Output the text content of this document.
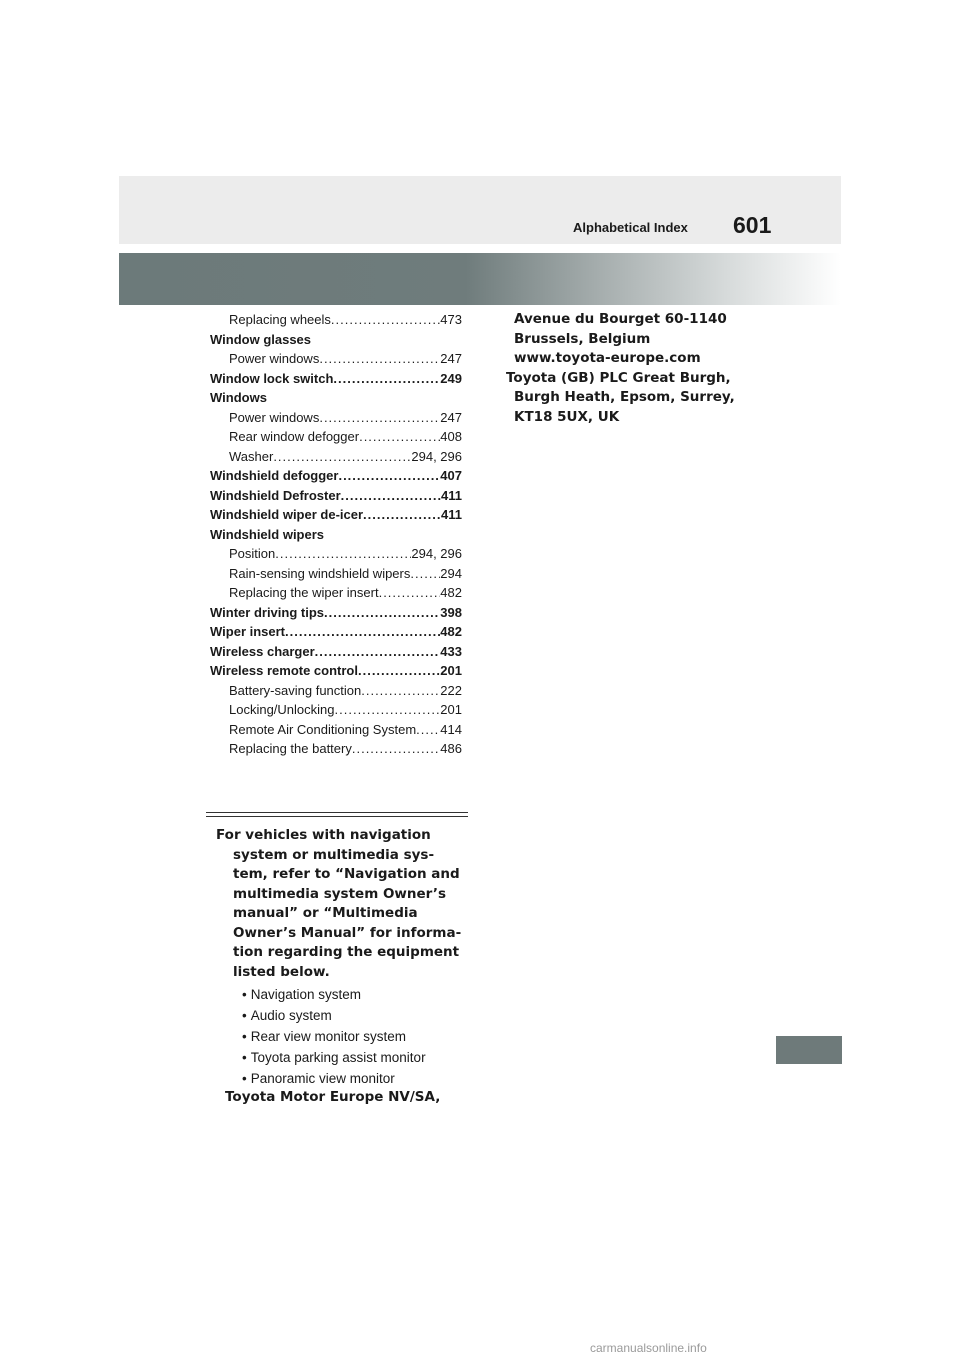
Alphabetical Index 601
Replacing wheels .....	473
Window glasses
Power windows .....	247
Window lock switch .....	249
Windows
Power windows .....	247
Rear window defogger .....	408
Washer .....	294, 296
Windshield defogger .....	407
Windshield Defroster .....	411
Windshield wiper de-icer .....	411
Windshield wipers
Position .....	294, 296
Rain-sensing windshield wipers ..... 294
Replacing the wiper insert .....	482
Winter driving tips .....	398
Wiper insert .....	482
Wireless charger .....	433
Wireless remote control .....	201
Battery-saving function .....	222
Locking/Unlocking .....	201
Remote Air Conditioning System ..... 414
Replacing the battery .....	486

For vehicles with navigation system or multimedia sys-tem, refer to “Navigation and multimedia system Owner’s manual” or “Multimedia Owner’s Manual” for informa-tion regarding the equipment listed below.

• Navigation system
• Audio system
• Rear view monitor system
• Toyota parking assist monitor
• Panoramic view monitor
Toyota Motor Europe NV/SA,

Avenue du Bourget 60-1140

Brussels, Belgium

www.toyota-europe.com

Toyota (GB) PLC Great Burgh,

Burgh Heath, Epsom, Surrey,

KT18 5UX, UK

carmanualsonline.info
